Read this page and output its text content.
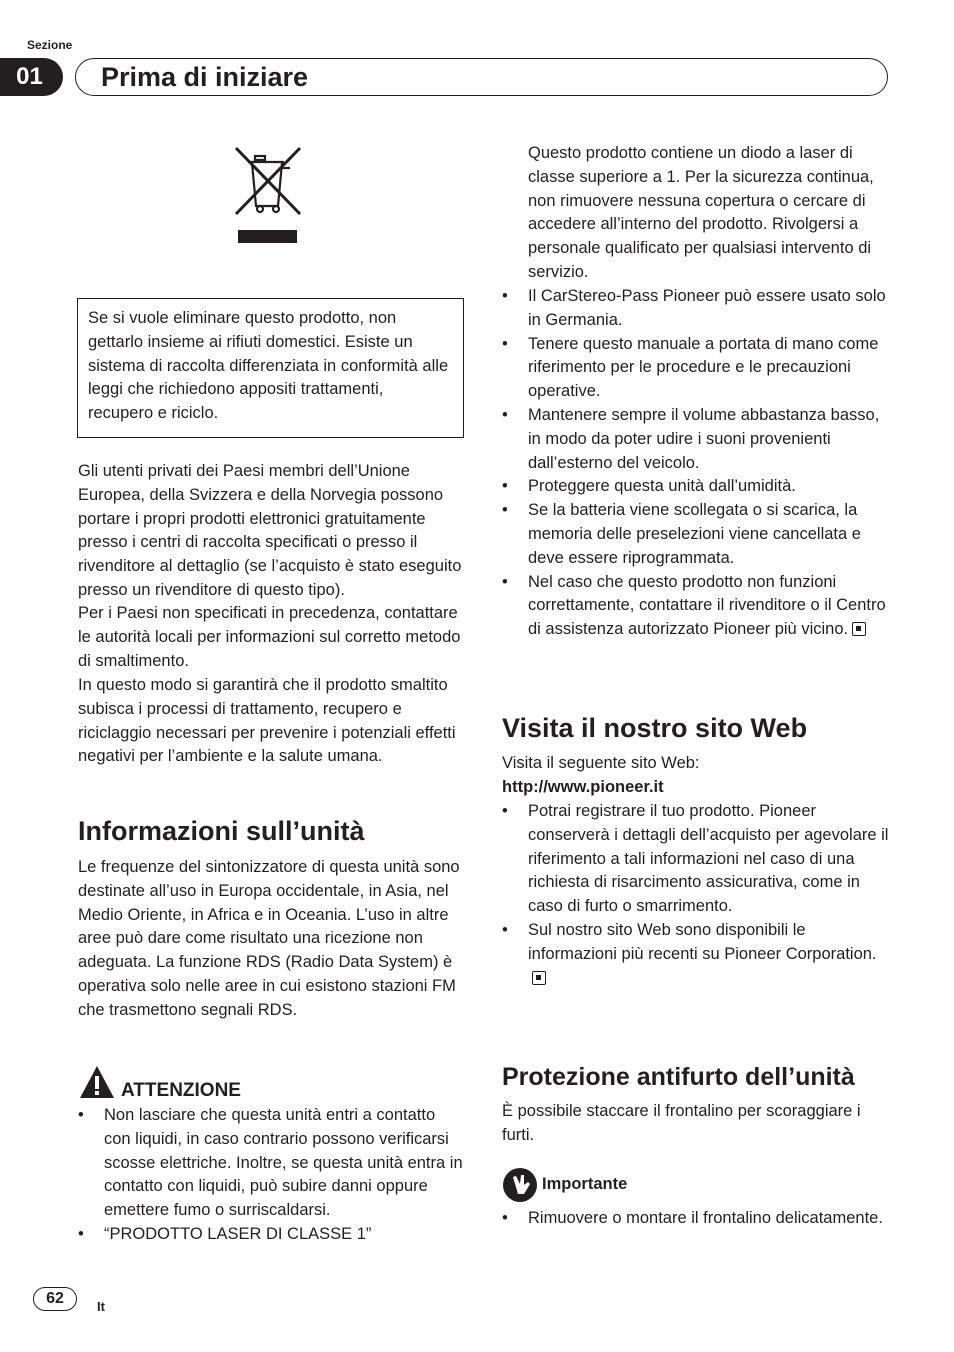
Sezione
01	Prima di iniziare
Se si vuole eliminare questo prodotto, non gettarlo insieme ai rifiuti domestici. Esiste un sistema di raccolta differenziata in conformità alle leggi che richiedono appositi trattamenti, recupero e riciclo.
Gli utenti privati dei Paesi membri dell’Unione Europea, della Svizzera e della Norvegia possono portare i propri prodotti elettronici gratuitamente presso i centri di raccolta specificati o presso il rivenditore al dettaglio (se l’acquisto è stato eseguito presso un rivenditore di questo tipo).
Per i Paesi non specificati in precedenza, contattare le autorità locali per informazioni sul corretto metodo di smaltimento.
In questo modo si garantirà che il prodotto smaltito subisca i processi di trattamento, recupero e riciclaggio necessari per prevenire i potenziali effetti negativi per l’ambiente e la salute umana.
Informazioni sull’unità
Le frequenze del sintonizzatore di questa unità sono destinate all’uso in Europa occidentale, in Asia, nel Medio Oriente, in Africa e in Oceania. L’uso in altre aree può dare come risultato una ricezione non adeguata. La funzione RDS (Radio Data System) è operativa solo nelle aree in cui esistono stazioni FM che trasmettono segnali RDS.
ATTENZIONE
• Non lasciare che questa unità entri a contatto con liquidi, in caso contrario possono verificarsi scosse elettriche. Inoltre, se questa unità entra in contatto con liquidi, può subire danni oppure emettere fumo o surriscaldarsi.
• “PRODOTTO LASER DI CLASSE 1”
Questo prodotto contiene un diodo a laser di classe superiore a 1. Per la sicurezza continua, non rimuovere nessuna copertura o cercare di accedere all’interno del prodotto. Rivolgersi a personale qualificato per qualsiasi intervento di servizio.
• Il CarStereo-Pass Pioneer può essere usato solo in Germania.
• Tenere questo manuale a portata di mano come riferimento per le procedure e le precauzioni operative.
• Mantenere sempre il volume abbastanza basso, in modo da poter udire i suoni provenienti dall’esterno del veicolo.
• Proteggere questa unità dall’umidità.
• Se la batteria viene scollegata o si scarica, la memoria delle preselezioni viene cancellata e deve essere riprogrammata.
• Nel caso che questo prodotto non funzioni correttamente, contattare il rivenditore o il Centro di assistenza autorizzato Pioneer più vicino.
Visita il nostro sito Web
Visita il seguente sito Web:
http://www.pioneer.it
• Potrai registrare il tuo prodotto. Pioneer conserverà i dettagli dell’acquisto per agevolare il riferimento a tali informazioni nel caso di una richiesta di risarcimento assicurativa, come in caso di furto o smarrimento.
• Sul nostro sito Web sono disponibili le informazioni più recenti su Pioneer Corporation.
Protezione antifurto dell’unità
È possibile staccare il frontalino per scoraggiare i furti.
Importante
• Rimuovere o montare il frontalino delicatamente.
62	It
